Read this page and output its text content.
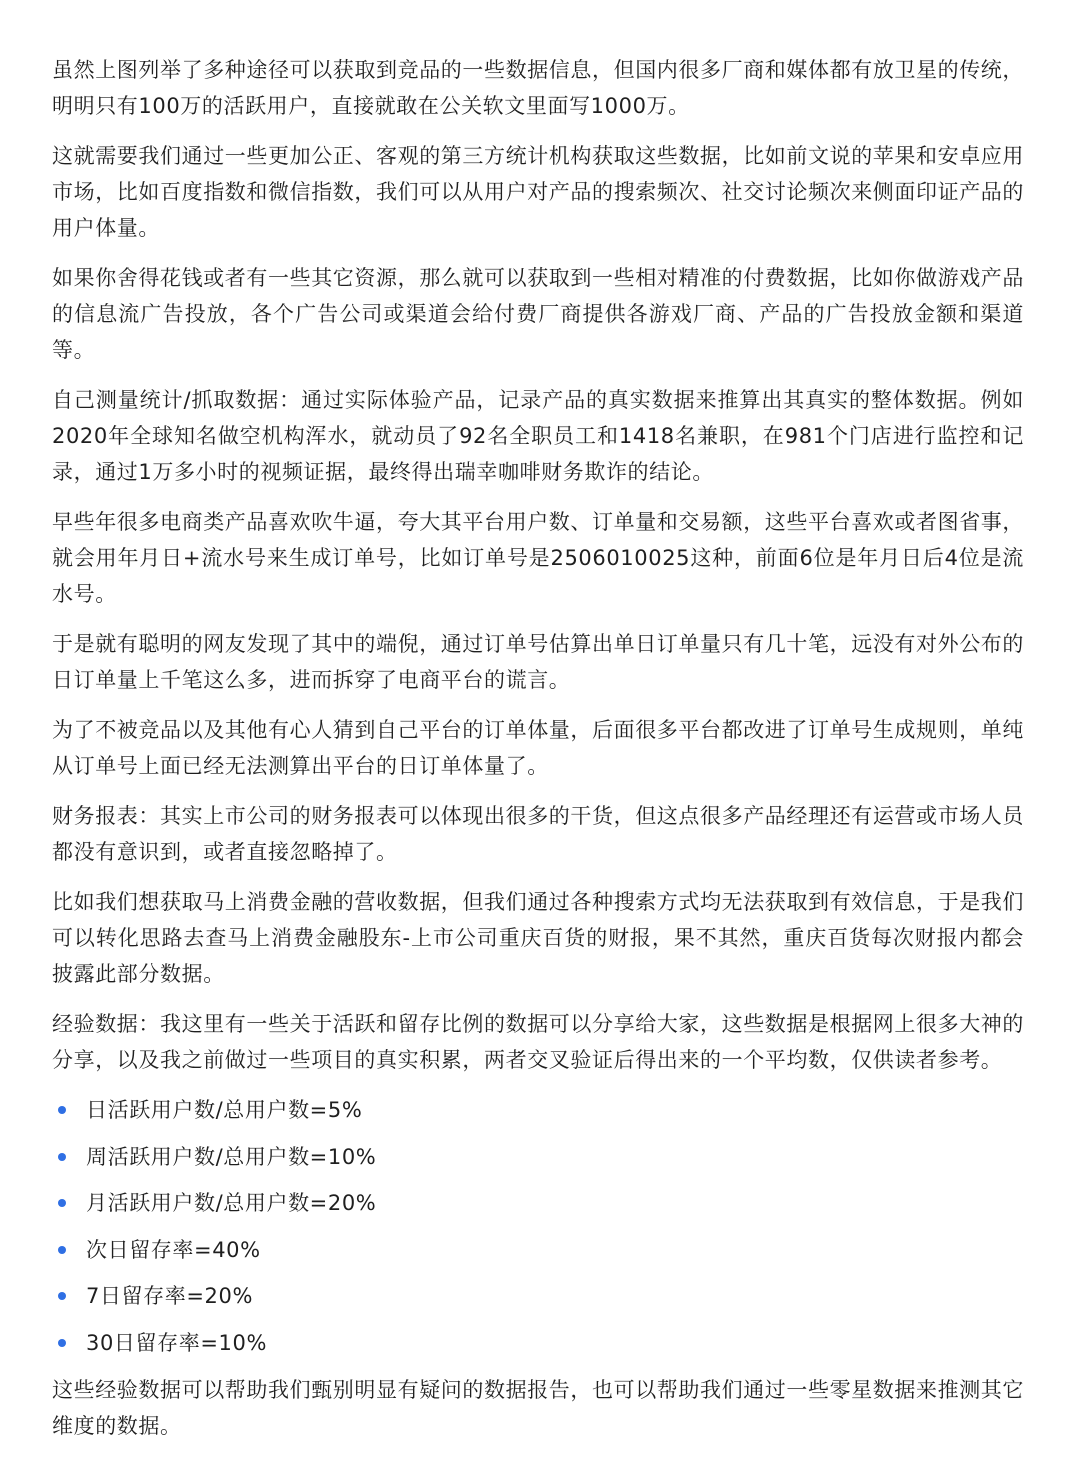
虽然上图列举了多种途径可以获取到竞品的一些数据信息，但国内很多厂商和媒体都有放卫星的传统，明明只有100万的活跃用户，直接就敢在公关软文里面写1000万。

这就需要我们通过一些更加公正、客观的第三方统计机构获取这些数据，比如前文说的苹果和安卓应用市场，比如百度指数和微信指数，我们可以从用户对产品的搜索频次、社交讨论频次来侧面印证产品的用户体量。

如果你舍得花钱或者有一些其它资源，那么就可以获取到一些相对精准的付费数据，比如你做游戏产品的信息流广告投放，各个广告公司或渠道会给付费厂商提供各游戏厂商、产品的广告投放金额和渠道等。

自己测量统计/抓取数据：通过实际体验产品，记录产品的真实数据来推算出其真实的整体数据。例如2020年全球知名做空机构浑水，就动员了92名全职员工和1418名兼职，在981个门店进行监控和记录，通过1万多小时的视频证据，最终得出瑞幸咖啡财务欺诈的结论。

早些年很多电商类产品喜欢吹牛逼，夸大其平台用户数、订单量和交易额，这些平台喜欢或者图省事，就会用年月日+流水号来生成订单号，比如订单号是2506010025这种，前面6位是年月日后4位是流水号。

于是就有聪明的网友发现了其中的端倪，通过订单号估算出单日订单量只有几十笔，远没有对外公布的日订单量上千笔这么多，进而拆穿了电商平台的谎言。

为了不被竞品以及其他有心人猜到自己平台的订单体量，后面很多平台都改进了订单号生成规则，单纯从订单号上面已经无法测算出平台的日订单体量了。

财务报表：其实上市公司的财务报表可以体现出很多的干货，但这点很多产品经理还有运营或市场人员都没有意识到，或者直接忽略掉了。

比如我们想获取马上消费金融的营收数据，但我们通过各种搜索方式均无法获取到有效信息，于是我们可以转化思路去查马上消费金融股东-上市公司重庆百货的财报，果不其然，重庆百货每次财报内都会披露此部分数据。

经验数据：我这里有一些关于活跃和留存比例的数据可以分享给大家，这些数据是根据网上很多大神的分享，以及我之前做过一些项目的真实积累，两者交叉验证后得出来的一个平均数，仅供读者参考。

日活跃用户数/总用户数=5%
周活跃用户数/总用户数=10%
月活跃用户数/总用户数=20%
次日留存率=40%
7日留存率=20%
30日留存率=10%

这些经验数据可以帮助我们甄别明显有疑问的数据报告，也可以帮助我们通过一些零星数据来推测其它维度的数据。
